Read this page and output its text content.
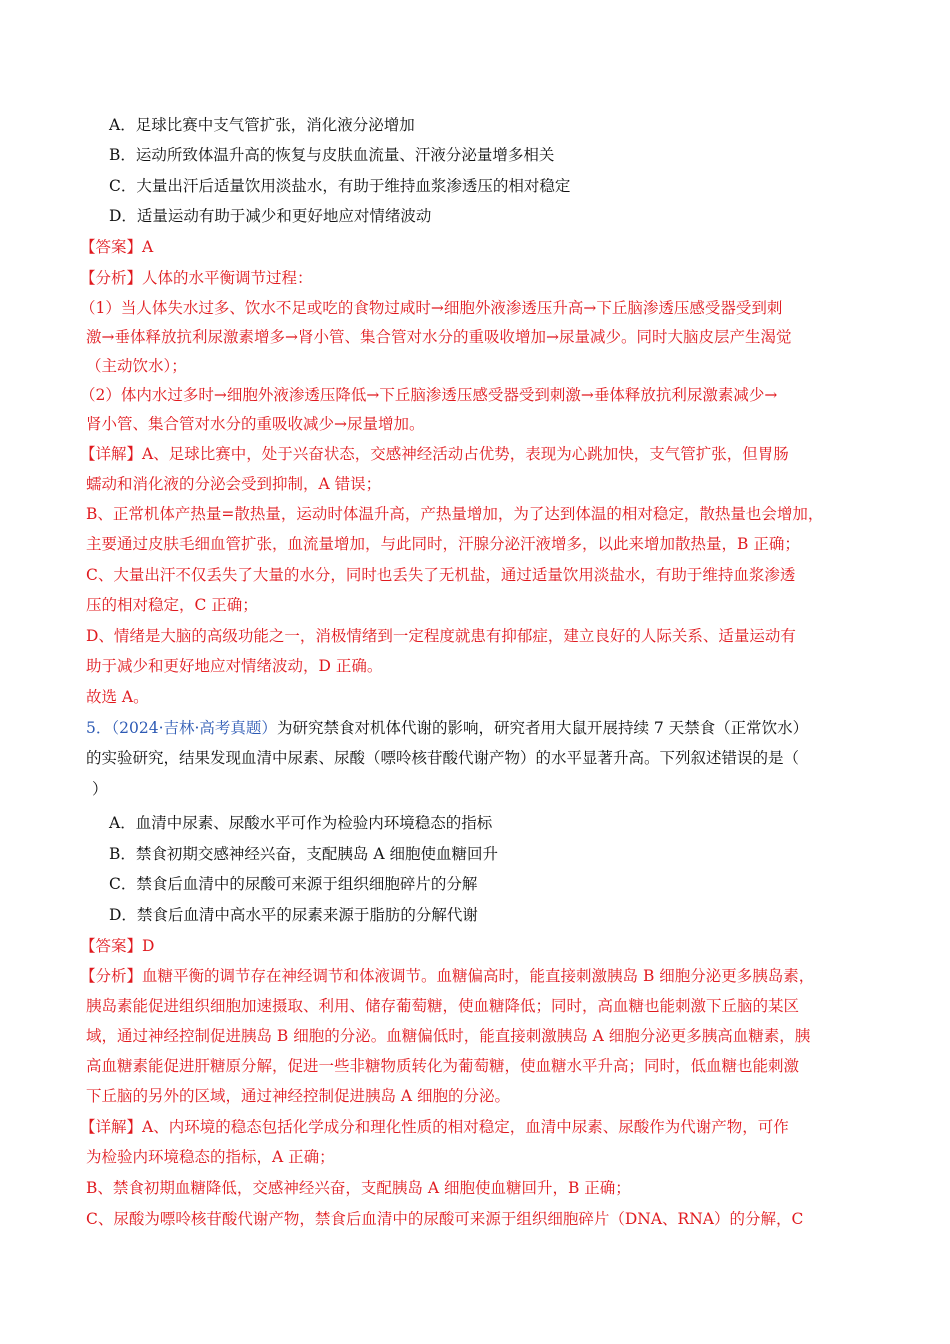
A．足球比赛中支气管扩张，消化液分泌增加
B．运动所致体温升高的恢复与皮肤血流量、汗液分泌量增多相关
C．大量出汗后适量饮用淡盐水，有助于维持血浆渗透压的相对稳定
D．适量运动有助于减少和更好地应对情绪波动
【答案】A
【分析】人体的水平衡调节过程：
（1）当人体失水过多、饮水不足或吃的食物过咸时→细胞外液渗透压升高→下丘脑渗透压感受器受到刺
激→垂体释放抗利尿激素增多→肾小管、集合管对水分的重吸收增加→尿量减少。同时大脑皮层产生渴觉
（主动饮水）；
（2）体内水过多时→细胞外液渗透压降低→下丘脑渗透压感受器受到刺激→垂体释放抗利尿激素减少→
肾小管、集合管对水分的重吸收减少→尿量增加。
【详解】A、足球比赛中，处于兴奋状态，交感神经活动占优势，表现为心跳加快，支气管扩张，但胃肠
蠕动和消化液的分泌会受到抑制，A 错误；
B、正常机体产热量=散热量，运动时体温升高，产热量增加，为了达到体温的相对稳定，散热量也会增加，
主要通过皮肤毛细血管扩张，血流量增加，与此同时，汗腺分泌汗液增多，以此来增加散热量，B 正确；
C、大量出汗不仅丢失了大量的水分，同时也丢失了无机盐，通过适量饮用淡盐水，有助于维持血浆渗透
压的相对稳定，C 正确；
D、情绪是大脑的高级功能之一，消极情绪到一定程度就患有抑郁症，建立良好的人际关系、适量运动有
助于减少和更好地应对情绪波动，D 正确。
故选 A。
5．（2024·吉林·高考真题）为研究禁食对机体代谢的影响，研究者用大鼠开展持续 7 天禁食（正常饮水）
的实验研究，结果发现血清中尿素、尿酸（嘌呤核苷酸代谢产物）的水平显著升高。下列叙述错误的是（
）
A．血清中尿素、尿酸水平可作为检验内环境稳态的指标
B．禁食初期交感神经兴奋，支配胰岛 A 细胞使血糖回升
C．禁食后血清中的尿酸可来源于组织细胞碎片的分解
D．禁食后血清中高水平的尿素来源于脂肪的分解代谢
【答案】D
【分析】血糖平衡的调节存在神经调节和体液调节。血糖偏高时，能直接刺激胰岛 B 细胞分泌更多胰岛素，
胰岛素能促进组织细胞加速摄取、利用、储存葡萄糖，使血糖降低；同时，高血糖也能刺激下丘脑的某区
域，通过神经控制促进胰岛 B 细胞的分泌。血糖偏低时，能直接刺激胰岛 A 细胞分泌更多胰高血糖素，胰
高血糖素能促进肝糖原分解，促进一些非糖物质转化为葡萄糖，使血糖水平升高；同时，低血糖也能刺激
下丘脑的另外的区域，通过神经控制促进胰岛 A 细胞的分泌。
【详解】A、内环境的稳态包括化学成分和理化性质的相对稳定，血清中尿素、尿酸作为代谢产物，可作
为检验内环境稳态的指标，A 正确；
B、禁食初期血糖降低，交感神经兴奋，支配胰岛 A 细胞使血糖回升，B 正确；
C、尿酸为嘌呤核苷酸代谢产物，禁食后血清中的尿酸可来源于组织细胞碎片（DNA、RNA）的分解，C
